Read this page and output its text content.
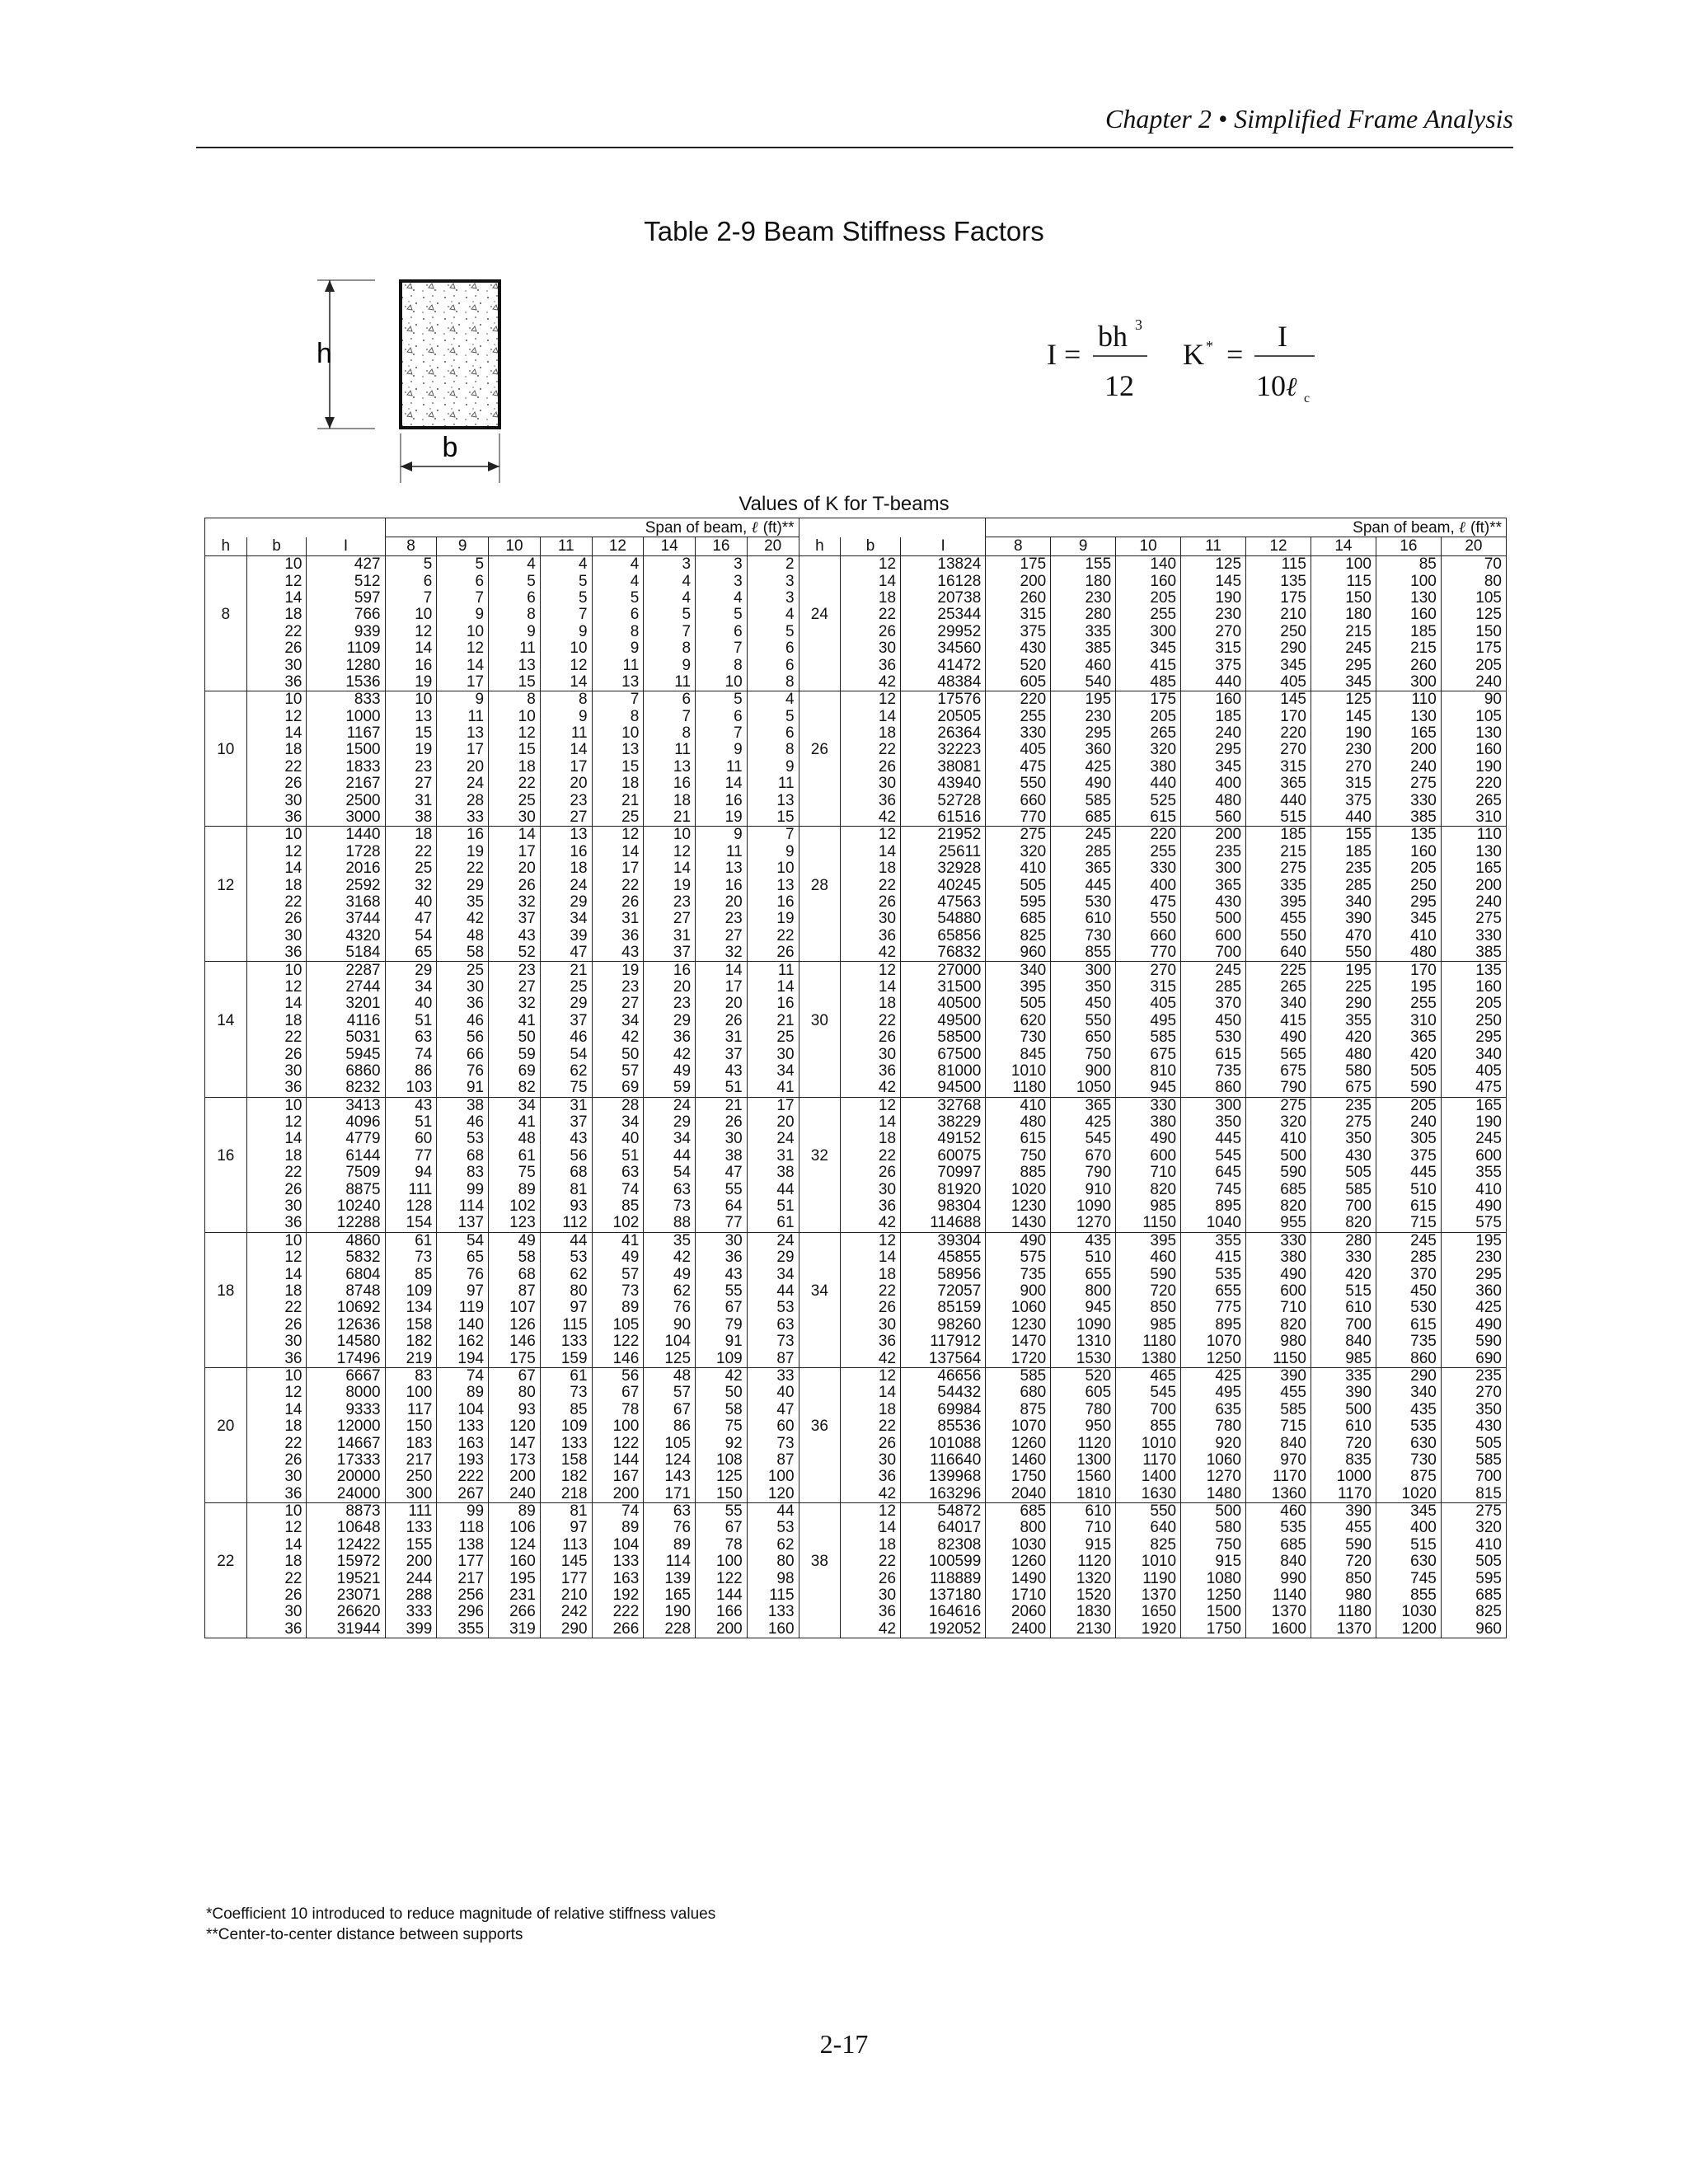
Chapter 2 • Simplified Frame Analysis
Table 2-9 Beam Stiffness Factors
h
b
I =
bh 3
12
K * =
I
10 ℓ c
Values of K for T-beams
			Span of beam, ℓ (ft)**											Span of beam, ℓ (ft)**							
h	b	I	8	9	10	11	12	14	16	20	h	b	I	8	9	10	11	12	14	16	20
	10	427	5	5	4	4	4	3	3	2		12	13824	175	155	140	125	115	100	85	70
	12	512	6	6	5	5	4	4	3	3		14	16128	200	180	160	145	135	115	100	80
	14	597	7	7	6	5	5	4	4	3		18	20738	260	230	205	190	175	150	130	105
8	18	766	10	9	8	7	6	5	5	4	24	22	25344	315	280	255	230	210	180	160	125
	22	939	12	10	9	9	8	7	6	5		26	29952	375	335	300	270	250	215	185	150
	26	1109	14	12	11	10	9	8	7	6		30	34560	430	385	345	315	290	245	215	175
	30	1280	16	14	13	12	11	9	8	6		36	41472	520	460	415	375	345	295	260	205
	36	1536	19	17	15	14	13	11	10	8		42	48384	605	540	485	440	405	345	300	240
	10	833	10	9	8	8	7	6	5	4		12	17576	220	195	175	160	145	125	110	90
	12	1000	13	11	10	9	8	7	6	5		14	20505	255	230	205	185	170	145	130	105
	14	1167	15	13	12	11	10	8	7	6		18	26364	330	295	265	240	220	190	165	130
10	18	1500	19	17	15	14	13	11	9	8	26	22	32223	405	360	320	295	270	230	200	160
	22	1833	23	20	18	17	15	13	11	9		26	38081	475	425	380	345	315	270	240	190
	26	2167	27	24	22	20	18	16	14	11		30	43940	550	490	440	400	365	315	275	220
	30	2500	31	28	25	23	21	18	16	13		36	52728	660	585	525	480	440	375	330	265
	36	3000	38	33	30	27	25	21	19	15		42	61516	770	685	615	560	515	440	385	310
	10	1440	18	16	14	13	12	10	9	7		12	21952	275	245	220	200	185	155	135	110
	12	1728	22	19	17	16	14	12	11	9		14	25611	320	285	255	235	215	185	160	130
	14	2016	25	22	20	18	17	14	13	10		18	32928	410	365	330	300	275	235	205	165
12	18	2592	32	29	26	24	22	19	16	13	28	22	40245	505	445	400	365	335	285	250	200
	22	3168	40	35	32	29	26	23	20	16		26	47563	595	530	475	430	395	340	295	240
	26	3744	47	42	37	34	31	27	23	19		30	54880	685	610	550	500	455	390	345	275
	30	4320	54	48	43	39	36	31	27	22		36	65856	825	730	660	600	550	470	410	330
	36	5184	65	58	52	47	43	37	32	26		42	76832	960	855	770	700	640	550	480	385
	10	2287	29	25	23	21	19	16	14	11		12	27000	340	300	270	245	225	195	170	135
	12	2744	34	30	27	25	23	20	17	14		14	31500	395	350	315	285	265	225	195	160
	14	3201	40	36	32	29	27	23	20	16		18	40500	505	450	405	370	340	290	255	205
14	18	4116	51	46	41	37	34	29	26	21	30	22	49500	620	550	495	450	415	355	310	250
	22	5031	63	56	50	46	42	36	31	25		26	58500	730	650	585	530	490	420	365	295
	26	5945	74	66	59	54	50	42	37	30		30	67500	845	750	675	615	565	480	420	340
	30	6860	86	76	69	62	57	49	43	34		36	81000	1010	900	810	735	675	580	505	405
	36	8232	103	91	82	75	69	59	51	41		42	94500	1180	1050	945	860	790	675	590	475
	10	3413	43	38	34	31	28	24	21	17		12	32768	410	365	330	300	275	235	205	165
	12	4096	51	46	41	37	34	29	26	20		14	38229	480	425	380	350	320	275	240	190
	14	4779	60	53	48	43	40	34	30	24		18	49152	615	545	490	445	410	350	305	245
16	18	6144	77	68	61	56	51	44	38	31	32	22	60075	750	670	600	545	500	430	375	600
	22	7509	94	83	75	68	63	54	47	38		26	70997	885	790	710	645	590	505	445	355
	26	8875	111	99	89	81	74	63	55	44		30	81920	1020	910	820	745	685	585	510	410
	30	10240	128	114	102	93	85	73	64	51		36	98304	1230	1090	985	895	820	700	615	490
	36	12288	154	137	123	112	102	88	77	61		42	114688	1430	1270	1150	1040	955	820	715	575
	10	4860	61	54	49	44	41	35	30	24		12	39304	490	435	395	355	330	280	245	195
	12	5832	73	65	58	53	49	42	36	29		14	45855	575	510	460	415	380	330	285	230
	14	6804	85	76	68	62	57	49	43	34		18	58956	735	655	590	535	490	420	370	295
18	18	8748	109	97	87	80	73	62	55	44	34	22	72057	900	800	720	655	600	515	450	360
	22	10692	134	119	107	97	89	76	67	53		26	85159	1060	945	850	775	710	610	530	425
	26	12636	158	140	126	115	105	90	79	63		30	98260	1230	1090	985	895	820	700	615	490
	30	14580	182	162	146	133	122	104	91	73		36	117912	1470	1310	1180	1070	980	840	735	590
	36	17496	219	194	175	159	146	125	109	87		42	137564	1720	1530	1380	1250	1150	985	860	690
	10	6667	83	74	67	61	56	48	42	33		12	46656	585	520	465	425	390	335	290	235
	12	8000	100	89	80	73	67	57	50	40		14	54432	680	605	545	495	455	390	340	270
	14	9333	117	104	93	85	78	67	58	47		18	69984	875	780	700	635	585	500	435	350
20	18	12000	150	133	120	109	100	86	75	60	36	22	85536	1070	950	855	780	715	610	535	430
	22	14667	183	163	147	133	122	105	92	73		26	101088	1260	1120	1010	920	840	720	630	505
	26	17333	217	193	173	158	144	124	108	87		30	116640	1460	1300	1170	1060	970	835	730	585
	30	20000	250	222	200	182	167	143	125	100		36	139968	1750	1560	1400	1270	1170	1000	875	700
	36	24000	300	267	240	218	200	171	150	120		42	163296	2040	1810	1630	1480	1360	1170	1020	815
	10	8873	111	99	89	81	74	63	55	44		12	54872	685	610	550	500	460	390	345	275
	12	10648	133	118	106	97	89	76	67	53		14	64017	800	710	640	580	535	455	400	320
	14	12422	155	138	124	113	104	89	78	62		18	82308	1030	915	825	750	685	590	515	410
22	18	15972	200	177	160	145	133	114	100	80	38	22	100599	1260	1120	1010	915	840	720	630	505
	22	19521	244	217	195	177	163	139	122	98		26	118889	1490	1320	1190	1080	990	850	745	595
	26	23071	288	256	231	210	192	165	144	115		30	137180	1710	1520	1370	1250	1140	980	855	685
	30	26620	333	296	266	242	222	190	166	133		36	164616	2060	1830	1650	1500	1370	1180	1030	825
	36	31944	399	355	319	290	266	228	200	160		42	192052	2400	2130	1920	1750	1600	1370	1200	960
*Coefficient 10 introduced to reduce magnitude of relative stiffness values
**Center-to-center distance between supports
2-17
